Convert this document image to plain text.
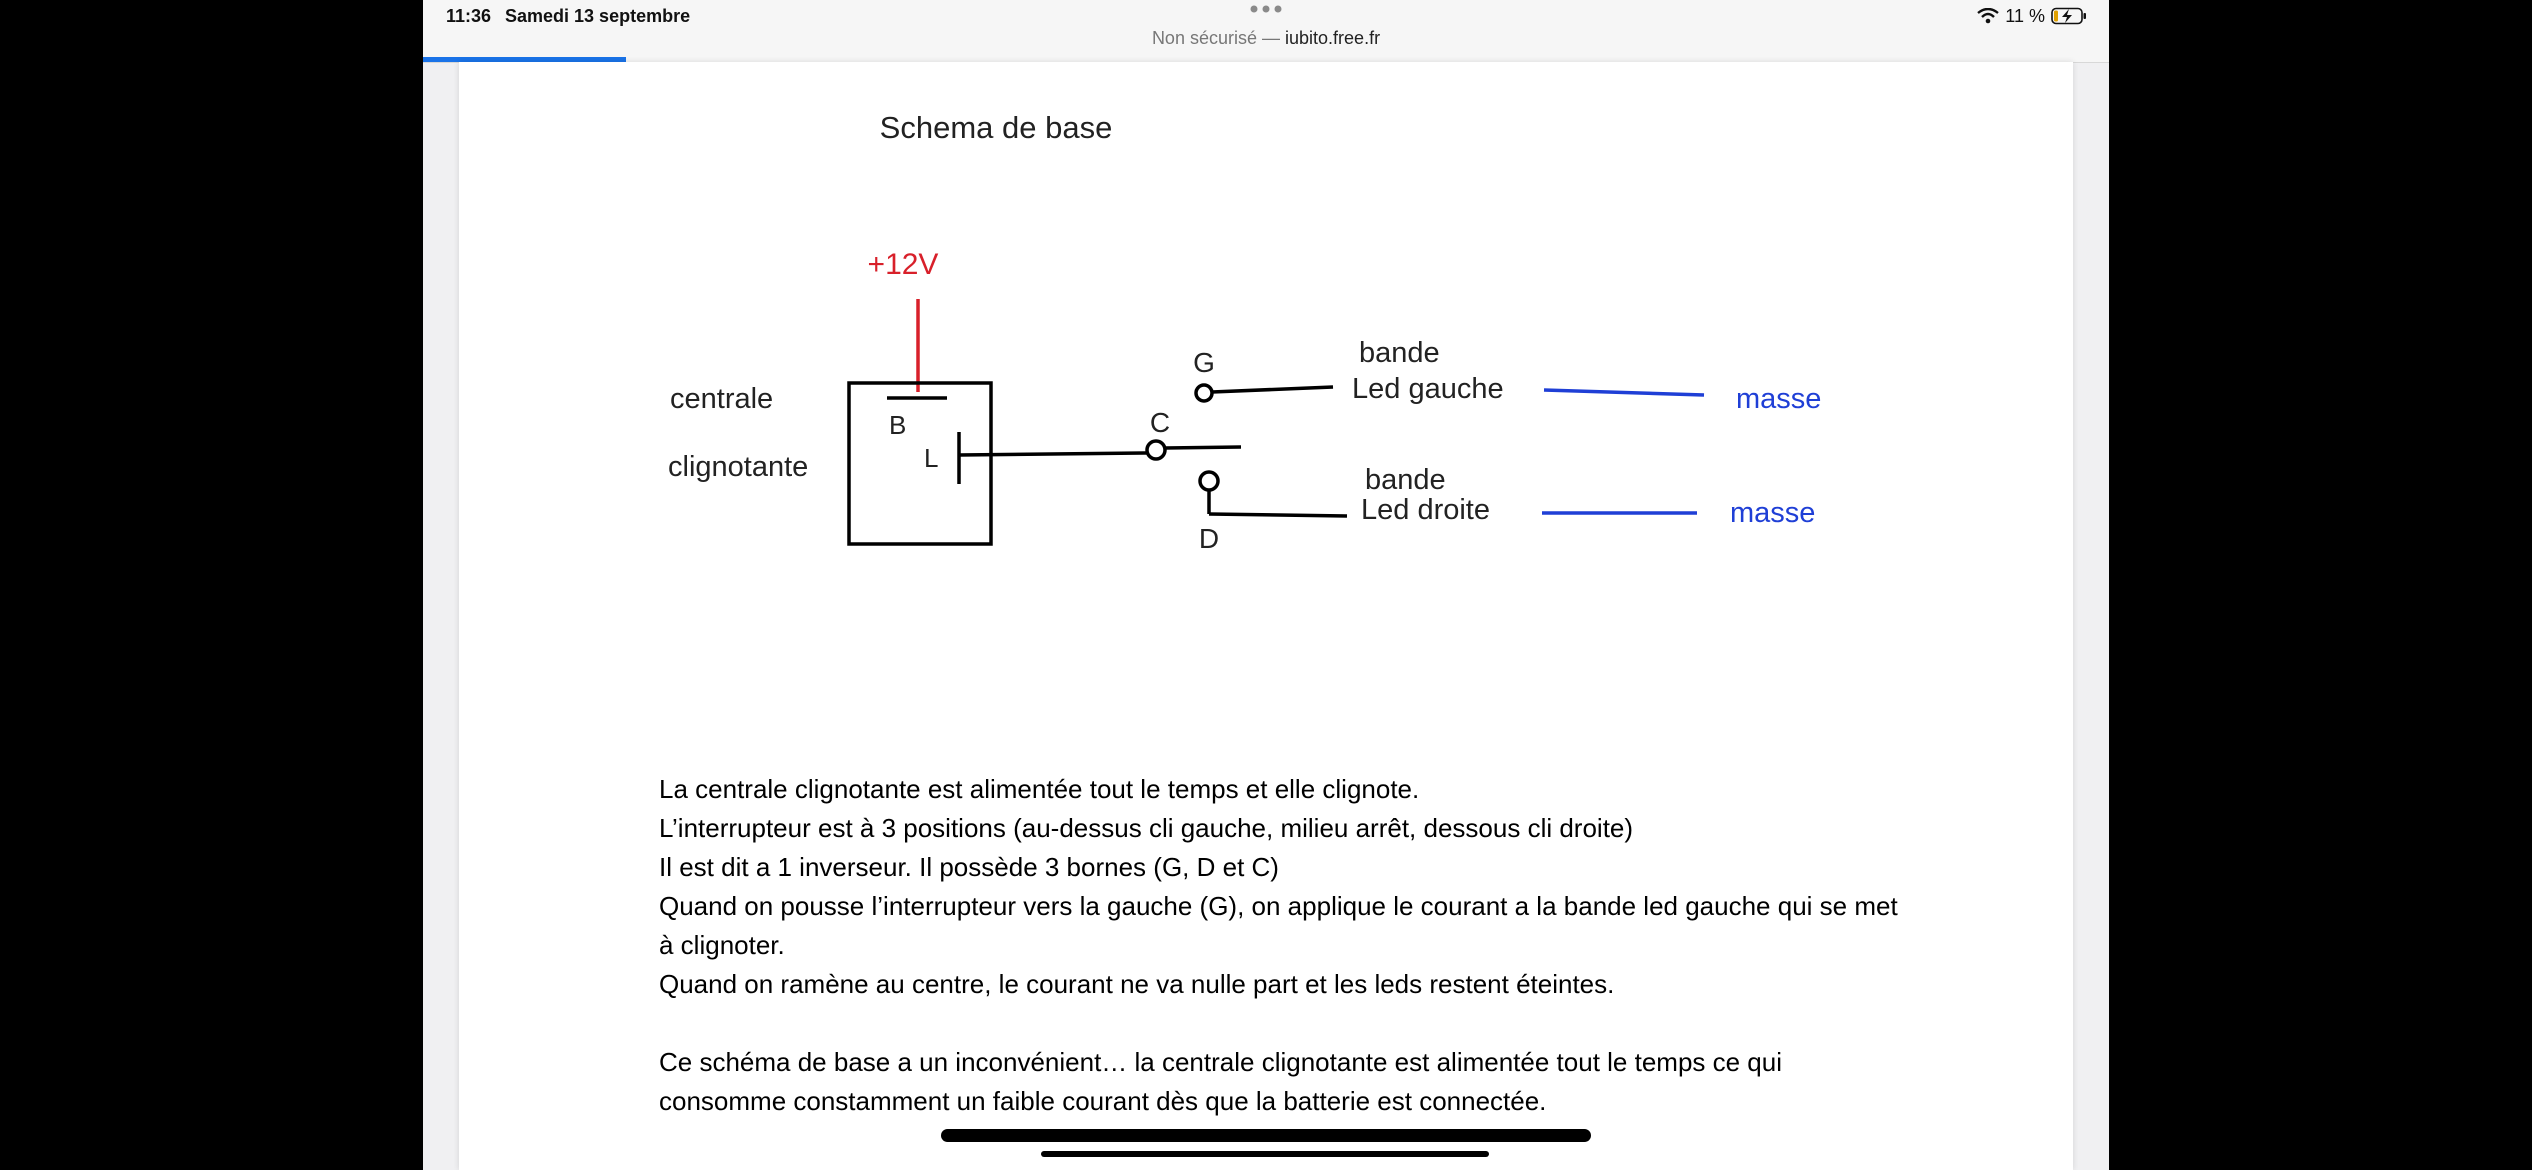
11:36 Samedi 13 septembre
Non sécurisé — iubito.free.fr
11 %
Schema de base
+12V
centrale
clignotante
B
L
C
G
D
bande
Led gauche
bande
Led droite
masse
masse

La centrale clignotante est alimentée tout le temps et elle clignote.

L’interrupteur est à 3 positions (au-dessus cli gauche, milieu arrêt, dessous cli droite)

Il est dit a 1 inverseur. Il possède 3 bornes (G, D et C)

Quand on pousse l’interrupteur vers la gauche (G), on applique le courant a la bande led gauche qui se met à clignoter.

Quand on ramène au centre, le courant ne va nulle part et les leds restent éteintes.

Ce schéma de base a un inconvénient… la centrale clignotante est alimentée tout le temps ce qui consomme constamment un faible courant dès que la batterie est connectée.
